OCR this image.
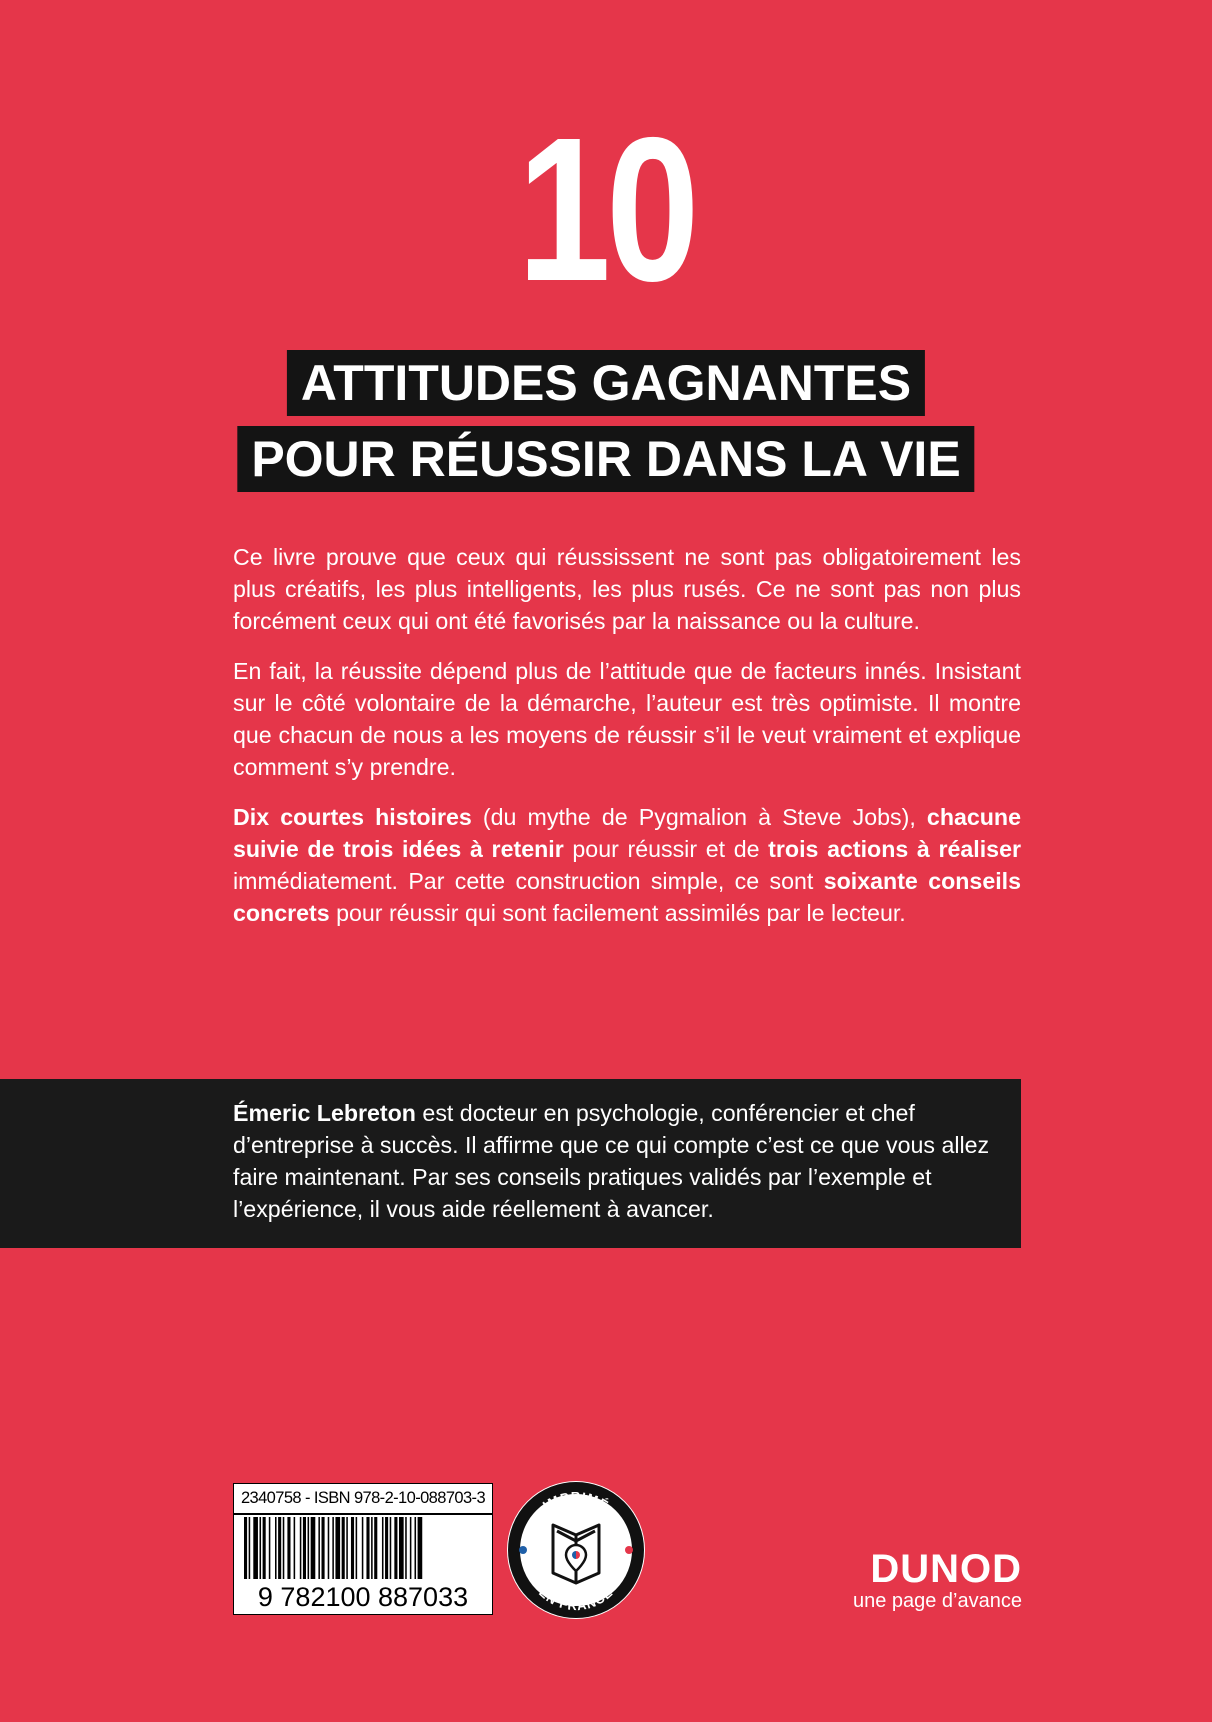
10
ATTITUDES GAGNANTES
POUR RÉUSSIR DANS LA VIE

Ce livre prouve que ceux qui réussissent ne sont pas obligatoirement les plus créatifs, les plus intelligents, les plus rusés. Ce ne sont pas non plus forcément ceux qui ont été favorisés par la naissance ou la culture.

En fait, la réussite dépend plus de l’attitude que de facteurs innés. Insistant sur le côté volontaire de la démarche, l’auteur est très optimiste. Il montre que chacun de nous a les moyens de réussir s’il le veut vraiment et explique comment s’y prendre.

Dix courtes histoires (du mythe de Pygmalion à Steve Jobs), chacune suivie de trois idées à retenir pour réussir et de trois actions à réaliser immédiatement. Par cette construction simple, ce sont soixante conseils concrets pour réussir qui sont facilement assimilés par le lecteur.

Émeric Lebreton est docteur en psychologie, conférencier et chef d’entreprise à succès. Il affirme que ce qui compte c’est ce que vous allez faire maintenant. Par ses conseils pratiques validés par l’exemple et l’expérience, il vous aide réellement à avancer.
2340758 - ISBN 978-2-10-088703-3
9 782100 887033
IMPRIMÉ
EN FRANCE
DUNOD
une page d’avance
